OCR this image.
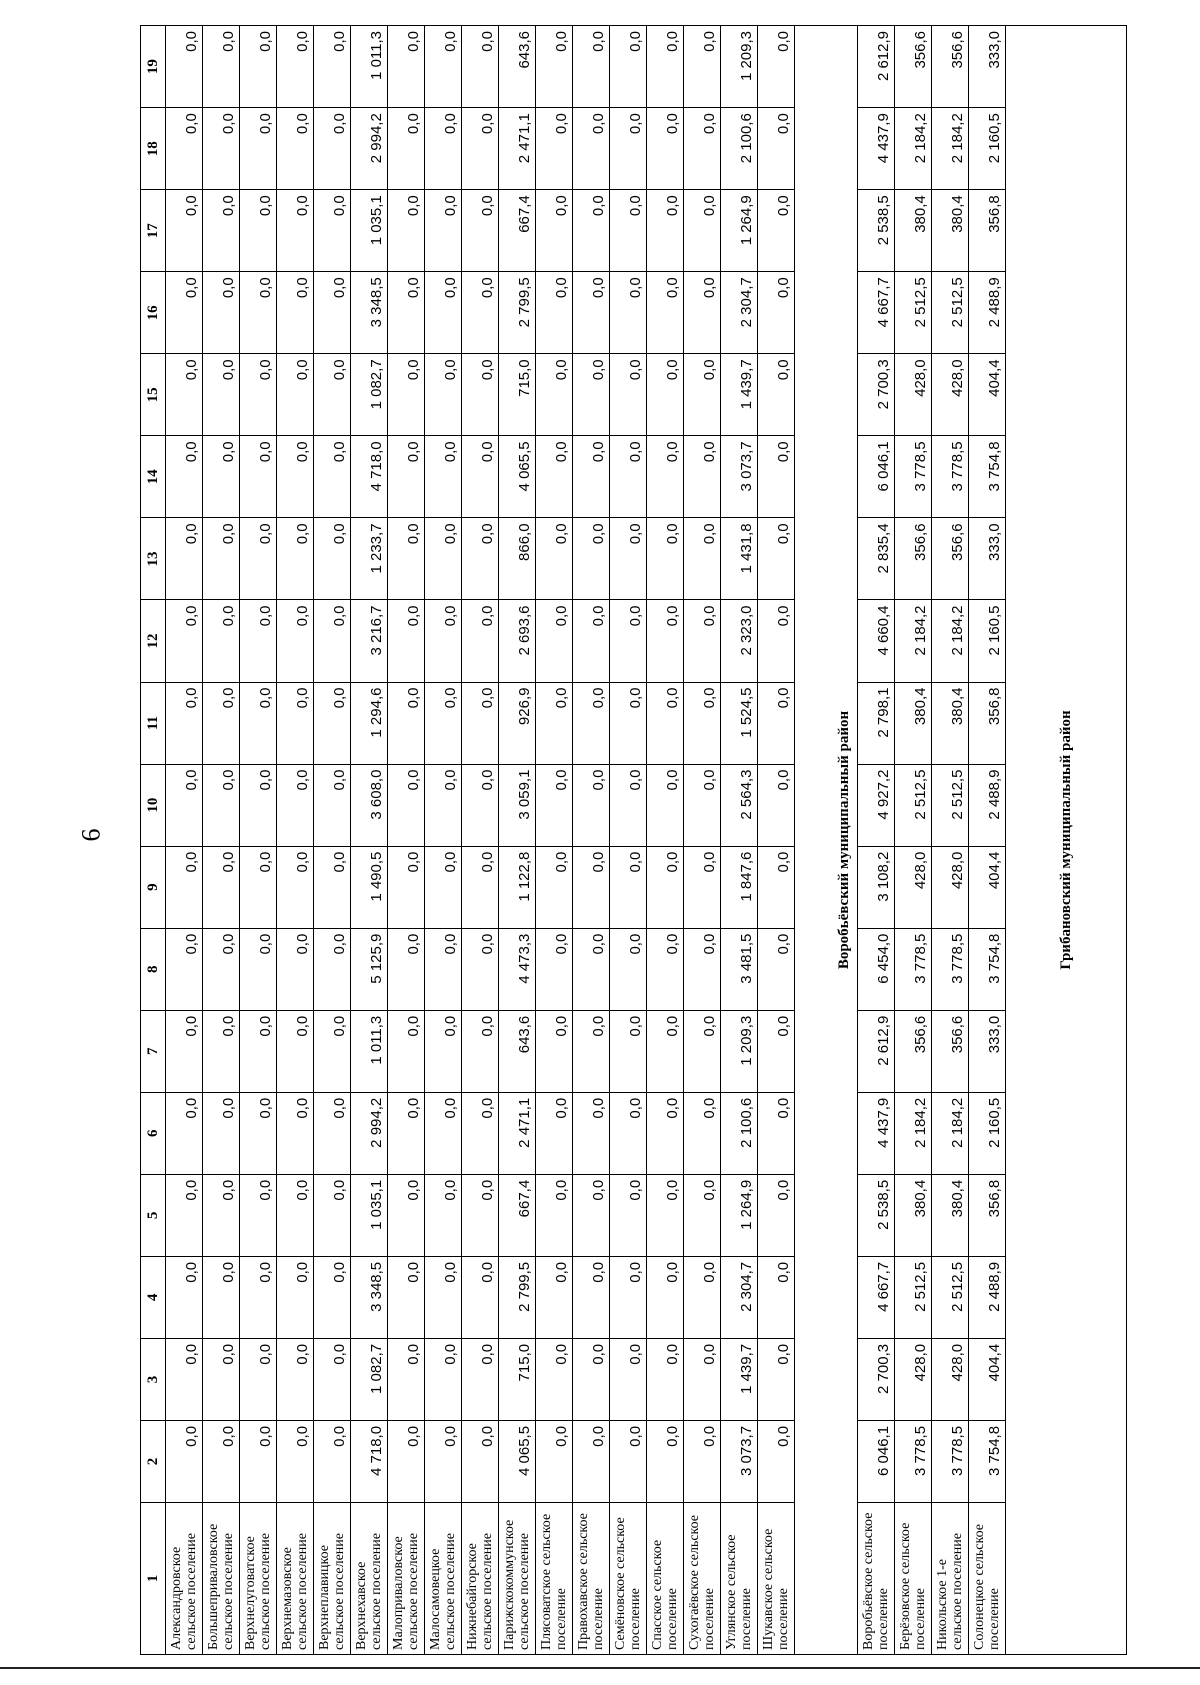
6
1	2	3	4	5	6	7	8	9	10	11	12	13	14	15	16	17	18	19
Александровское сельское поселение	0,0	0,0	0,0	0,0	0,0	0,0	0,0	0,0	0,0	0,0	0,0	0,0	0,0	0,0	0,0	0,0	0,0	0,0
Большеприваловское сельское поселение	0,0	0,0	0,0	0,0	0,0	0,0	0,0	0,0	0,0	0,0	0,0	0,0	0,0	0,0	0,0	0,0	0,0	0,0
Верхнелуговатское сельское поселение	0,0	0,0	0,0	0,0	0,0	0,0	0,0	0,0	0,0	0,0	0,0	0,0	0,0	0,0	0,0	0,0	0,0	0,0
Верхнемазовское сельское поселение	0,0	0,0	0,0	0,0	0,0	0,0	0,0	0,0	0,0	0,0	0,0	0,0	0,0	0,0	0,0	0,0	0,0	0,0
Верхнеплавицкое сельское поселение	0,0	0,0	0,0	0,0	0,0	0,0	0,0	0,0	0,0	0,0	0,0	0,0	0,0	0,0	0,0	0,0	0,0	0,0
Верхнехавское сельское поселение	4 718,0	1 082,7	3 348,5	1 035,1	2 994,2	1 011,3	5 125,9	1 490,5	3 608,0	1 294,6	3 216,7	1 233,7	4 718,0	1 082,7	3 348,5	1 035,1	2 994,2	1 011,3
Малоприваловское сельское поселение	0,0	0,0	0,0	0,0	0,0	0,0	0,0	0,0	0,0	0,0	0,0	0,0	0,0	0,0	0,0	0,0	0,0	0,0
Малосамовецкое сельское поселение	0,0	0,0	0,0	0,0	0,0	0,0	0,0	0,0	0,0	0,0	0,0	0,0	0,0	0,0	0,0	0,0	0,0	0,0
Нижнебайгорское сельское поселение	0,0	0,0	0,0	0,0	0,0	0,0	0,0	0,0	0,0	0,0	0,0	0,0	0,0	0,0	0,0	0,0	0,0	0,0
Парижскокоммунское сельское поселение	4 065,5	715,0	2 799,5	667,4	2 471,1	643,6	4 473,3	1 122,8	3 059,1	926,9	2 693,6	866,0	4 065,5	715,0	2 799,5	667,4	2 471,1	643,6
Плясоватское сельское поселение	0,0	0,0	0,0	0,0	0,0	0,0	0,0	0,0	0,0	0,0	0,0	0,0	0,0	0,0	0,0	0,0	0,0	0,0
Правохавское сельское поселение	0,0	0,0	0,0	0,0	0,0	0,0	0,0	0,0	0,0	0,0	0,0	0,0	0,0	0,0	0,0	0,0	0,0	0,0
Семёновское сельское поселение	0,0	0,0	0,0	0,0	0,0	0,0	0,0	0,0	0,0	0,0	0,0	0,0	0,0	0,0	0,0	0,0	0,0	0,0
Спасское сельское поселение	0,0	0,0	0,0	0,0	0,0	0,0	0,0	0,0	0,0	0,0	0,0	0,0	0,0	0,0	0,0	0,0	0,0	0,0
Сухогаёвское сельское поселение	0,0	0,0	0,0	0,0	0,0	0,0	0,0	0,0	0,0	0,0	0,0	0,0	0,0	0,0	0,0	0,0	0,0	0,0
Углянское сельское поселение	3 073,7	1 439,7	2 304,7	1 264,9	2 100,6	1 209,3	3 481,5	1 847,6	2 564,3	1 524,5	2 323,0	1 431,8	3 073,7	1 439,7	2 304,7	1 264,9	2 100,6	1 209,3
Шукавское сельское поселение	0,0	0,0	0,0	0,0	0,0	0,0	0,0	0,0	0,0	0,0	0,0	0,0	0,0	0,0	0,0	0,0	0,0	0,0
Воробьёвский муниципальный район																		
Воробьёвское сельское поселение	6 046,1	2 700,3	4 667,7	2 538,5	4 437,9	2 612,9	6 454,0	3 108,2	4 927,2	2 798,1	4 660,4	2 835,4	6 046,1	2 700,3	4 667,7	2 538,5	4 437,9	2 612,9
Берёзовское сельское поселение	3 778,5	428,0	2 512,5	380,4	2 184,2	356,6	3 778,5	428,0	2 512,5	380,4	2 184,2	356,6	3 778,5	428,0	2 512,5	380,4	2 184,2	356,6
Никольское 1-е сельское поселение	3 778,5	428,0	2 512,5	380,4	2 184,2	356,6	3 778,5	428,0	2 512,5	380,4	2 184,2	356,6	3 778,5	428,0	2 512,5	380,4	2 184,2	356,6
Солонецкое сельское поселение	3 754,8	404,4	2 488,9	356,8	2 160,5	333,0	3 754,8	404,4	2 488,9	356,8	2 160,5	333,0	3 754,8	404,4	2 488,9	356,8	2 160,5	333,0
Грибановский муниципальный район																		
